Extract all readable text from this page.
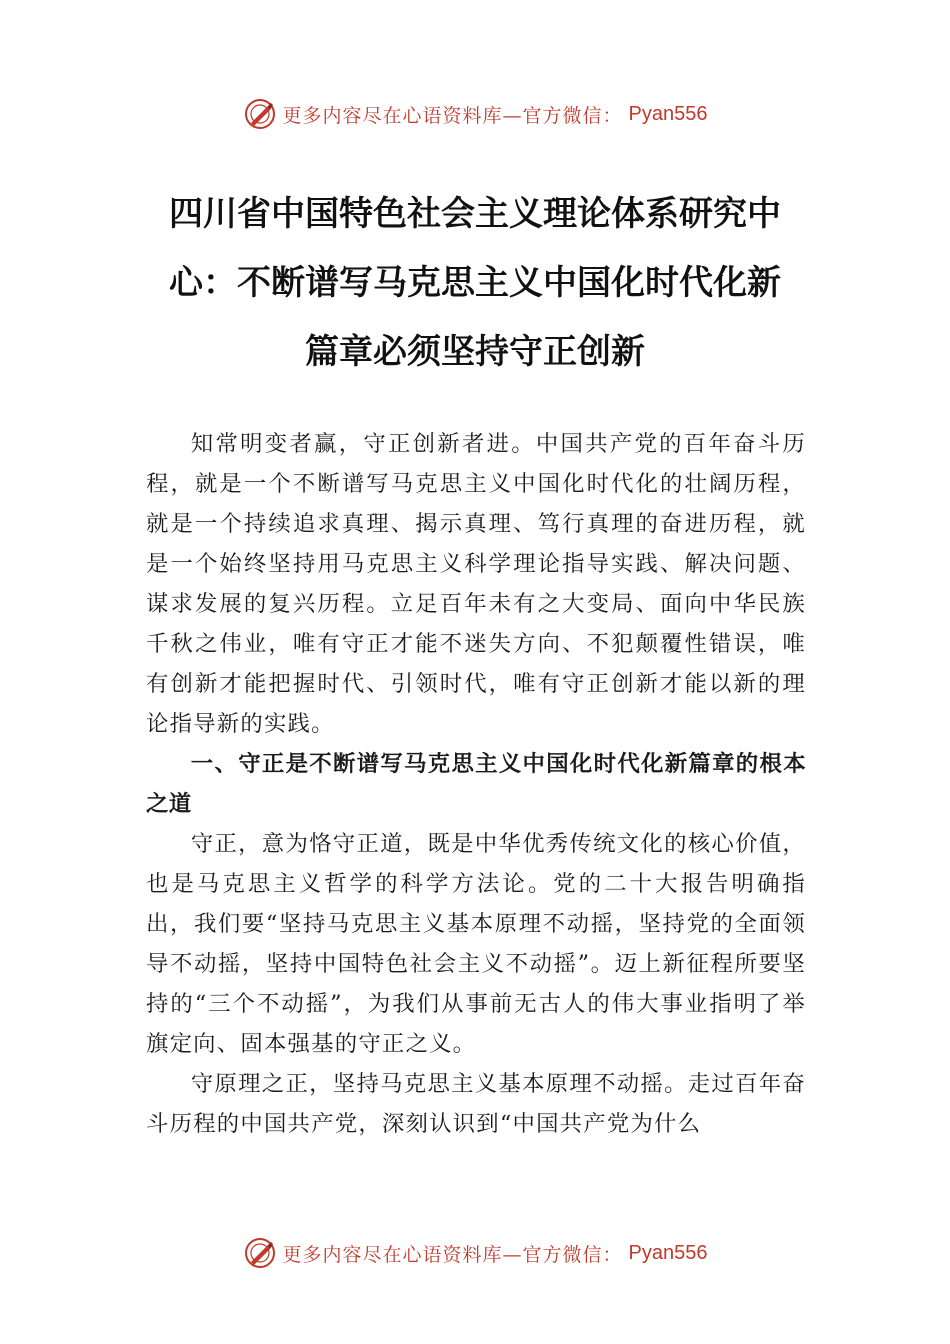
更多内容尽在心语资料库—官方微信： Pyan556
四川省中国特色社会主义理论体系研究中
心：不断谱写马克思主义中国化时代化新
篇章必须坚持守正创新

知常明变者赢，守正创新者进。中国共产党的百年奋斗历程，就是一个不断谱写马克思主义中国化时代化的壮阔历程，就是一个持续追求真理、揭示真理、笃行真理的奋进历程，就是一个始终坚持用马克思主义科学理论指导实践、解决问题、谋求发展的复兴历程。立足百年未有之大变局、面向中华民族千秋之伟业，唯有守正才能不迷失方向、不犯颠覆性错误，唯有创新才能把握时代、引领时代，唯有守正创新才能以新的理论指导新的实践。

一、守正是不断谱写马克思主义中国化时代化新篇章的根本之道

守正，意为恪守正道，既是中华优秀传统文化的核心价值，也是马克思主义哲学的科学方法论。党的二十大报告明确指出，我们要“坚持马克思主义基本原理不动摇，坚持党的全面领导不动摇，坚持中国特色社会主义不动摇”。迈上新征程所要坚持的“三个不动摇”，为我们从事前无古人的伟大事业指明了举旗定向、固本强基的守正之义。

守原理之正，坚持马克思主义基本原理不动摇。走过百年奋斗历程的中国共产党，深刻认识到“中国共产党为什么

更多内容尽在心语资料库—官方微信： Pyan556
